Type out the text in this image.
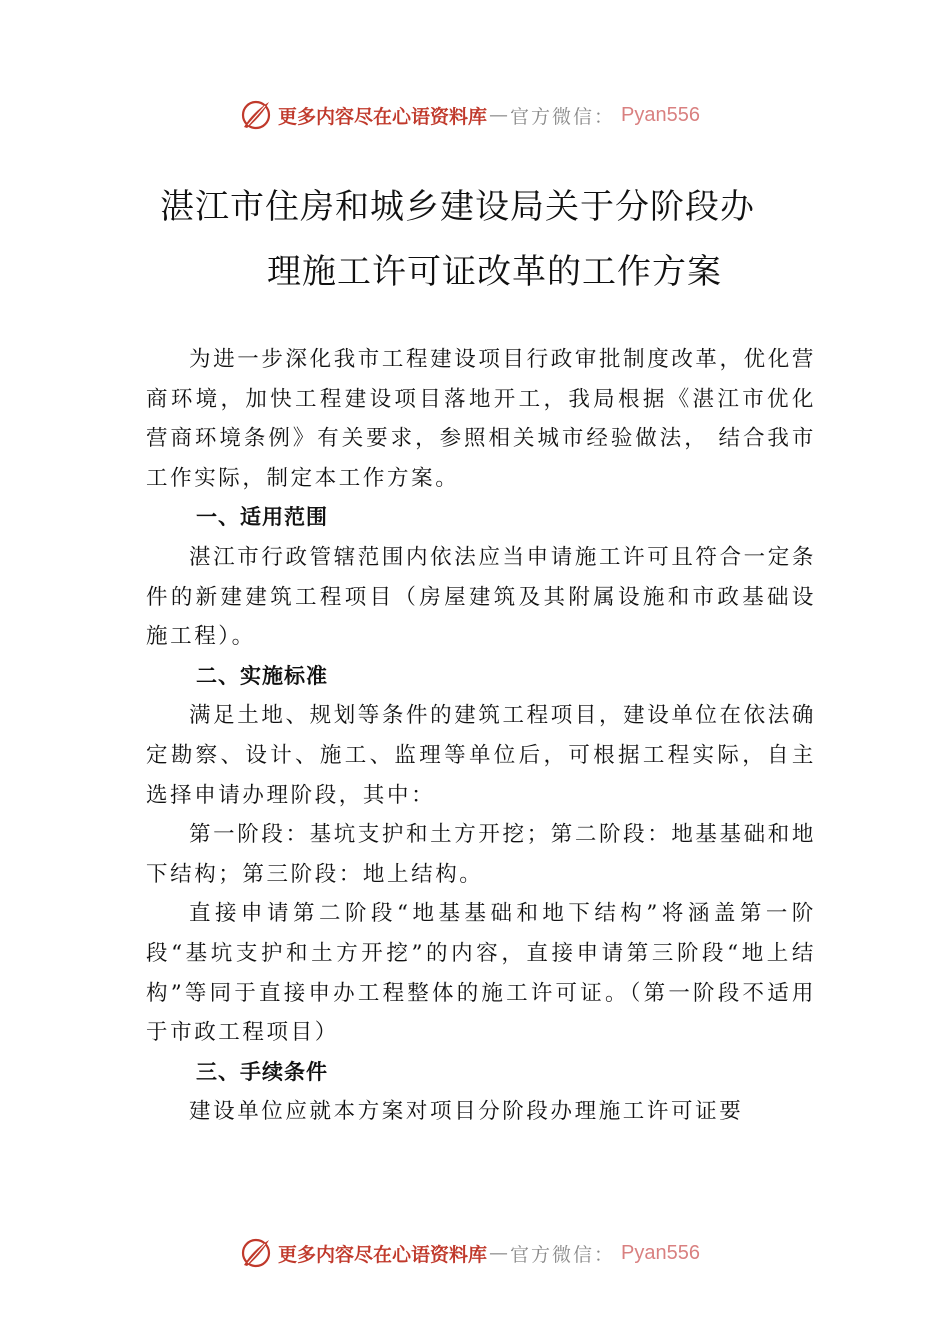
更多内容尽在心语资料库 — 官方微信： Pyan556
湛江市住房和城乡建设局关于分阶段办
理施工许可证改革的工作方案

为进一步深化我市工程建设项目行政审批制度改革，优化营商环境，加快工程建设项目落地开工，我局根据《湛江市优化营商环境条例》有关要求，参照相关城市经验做法， 结合我市工作实际，制定本工作方案。

一、适用范围

湛江市行政管辖范围内依法应当申请施工许可且符合一定条件的新建建筑工程项目（房屋建筑及其附属设施和市政基础设施工程）。

二、实施标准

满足土地、规划等条件的建筑工程项目，建设单位在依法确定勘察、设计、施工、监理等单位后，可根据工程实际，自主选择申请办理阶段，其中：

第一阶段：基坑支护和土方开挖；第二阶段：地基基础和地下结构；第三阶段：地上结构。

直接申请第二阶段“地基基础和地下结构”将涵盖第一阶段“基坑支护和土方开挖”的内容，直接申请第三阶段“地上结构”等同于直接申办工程整体的施工许可证。（第一阶段不适用于市政工程项目）

三、手续条件

建设单位应就本方案对项目分阶段办理施工许可证要

更多内容尽在心语资料库 — 官方微信： Pyan556
